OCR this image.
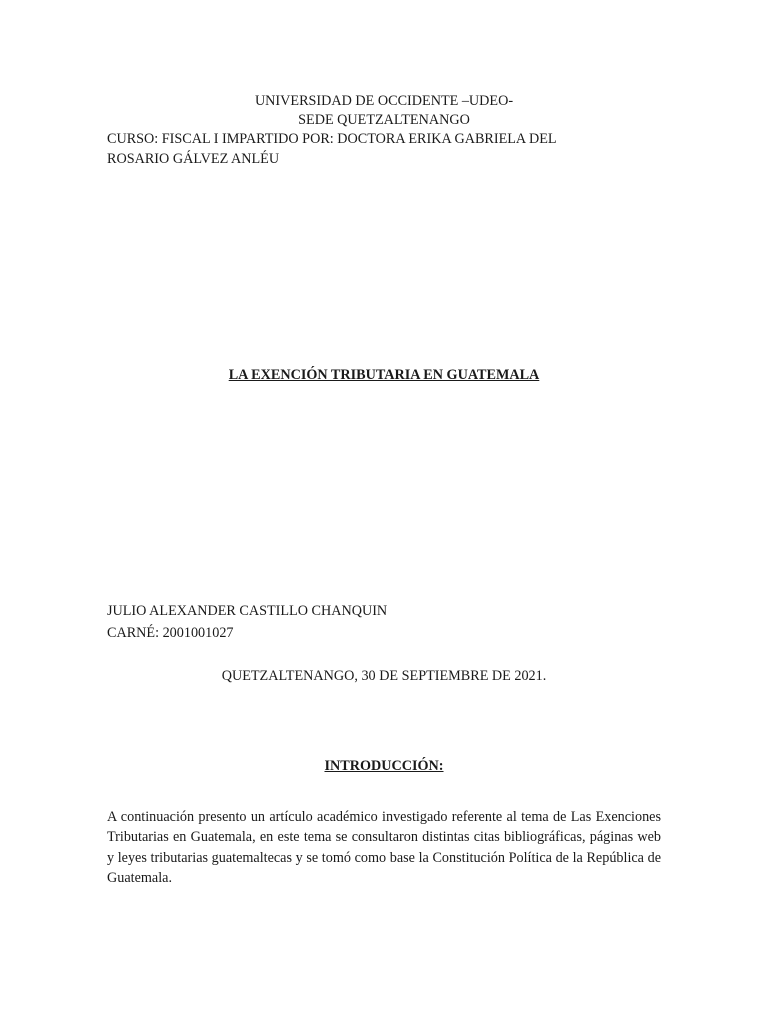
UNIVERSIDAD DE OCCIDENTE –UDEO-
SEDE QUETZALTENANGO
CURSO: FISCAL I IMPARTIDO POR: DOCTORA ERIKA GABRIELA DEL
ROSARIO GÁLVEZ ANLÉU
LA EXENCIÓN TRIBUTARIA EN GUATEMALA
JULIO ALEXANDER CASTILLO CHANQUIN
CARNÉ: 2001001027
QUETZALTENANGO, 30 DE SEPTIEMBRE DE 2021.
INTRODUCCIÓN:
A continuación presento un artículo académico investigado referente al tema de Las Exenciones Tributarias en Guatemala, en este tema se consultaron distintas citas bibliográficas, páginas web y leyes tributarias guatemaltecas y se tomó como base la Constitución Política de la República de Guatemala.
